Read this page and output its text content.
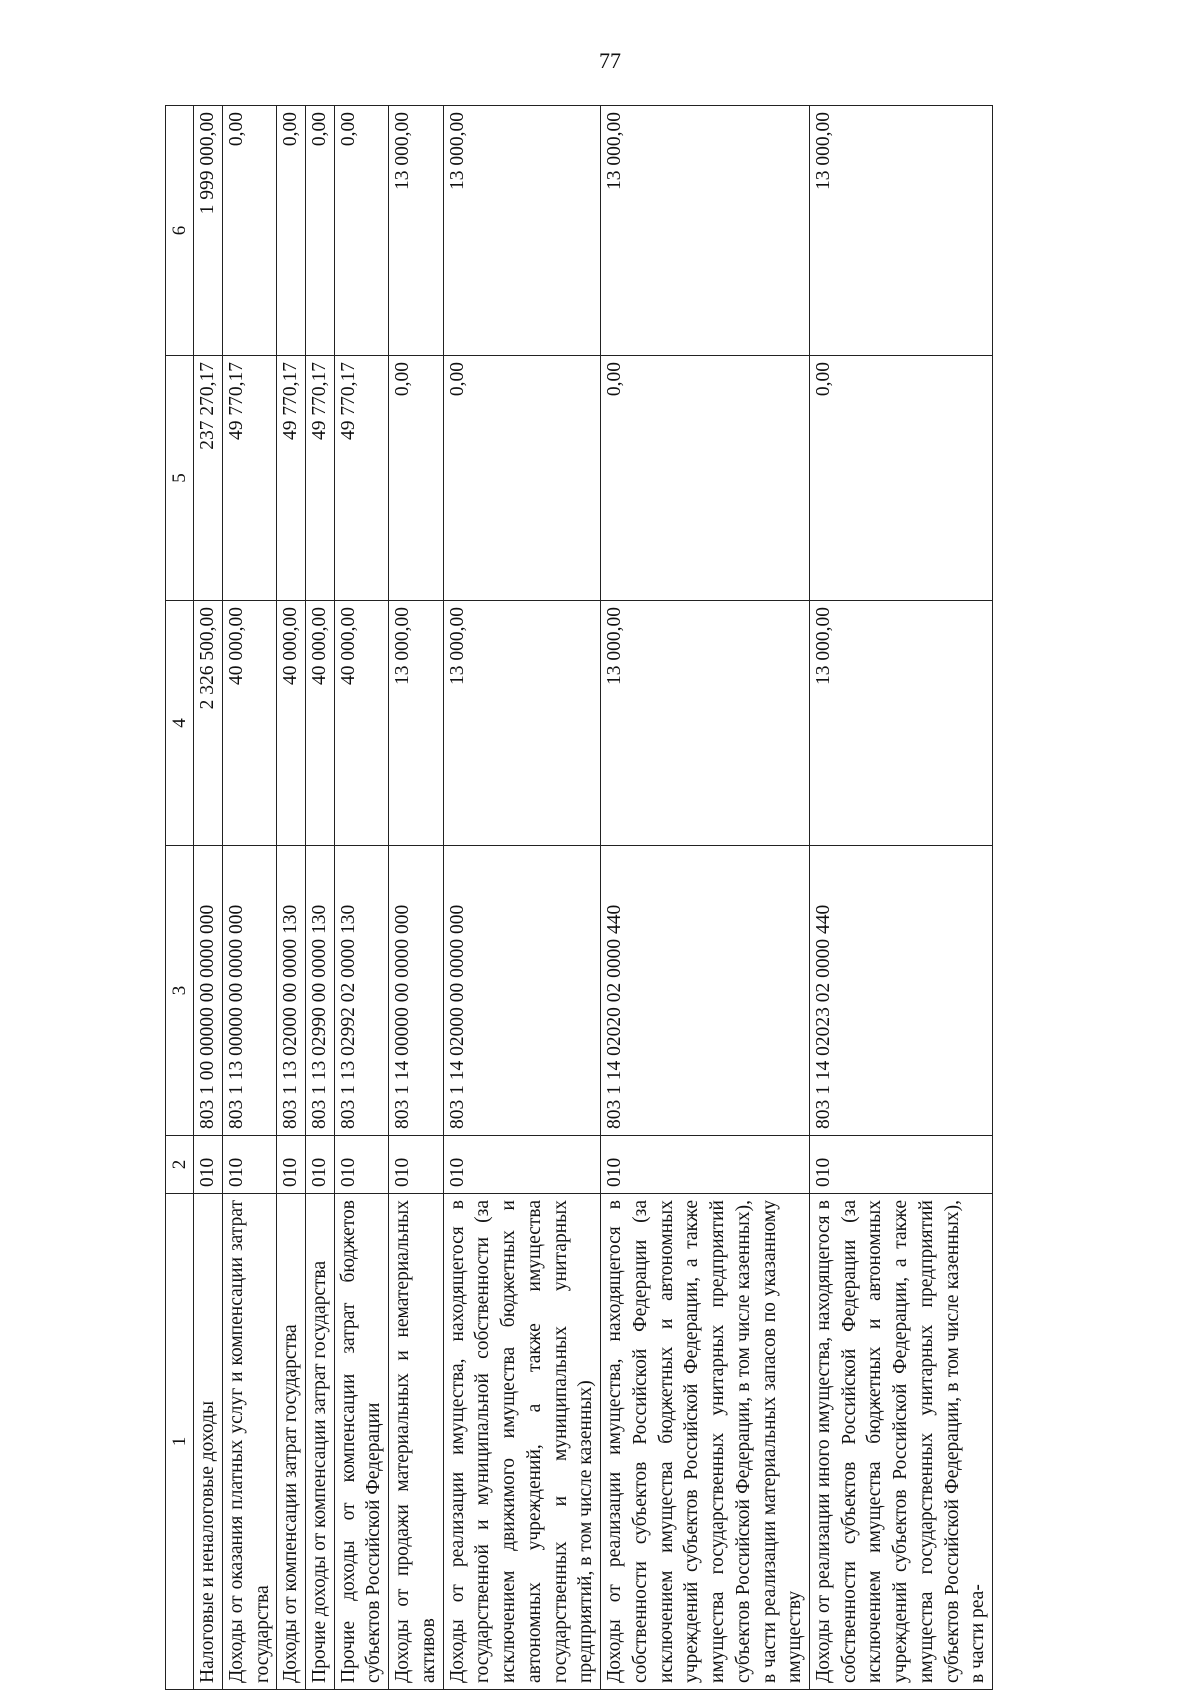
77
1	2	3	4	5	6
Налоговые и неналоговые доходы	010	803 1 00 00000 00 0000 000	2 326 500,00	237 270,17	1 999 000,00
Доходы от оказания платных услуг и компенсации затрат государства	010	803 1 13 00000 00 0000 000	40 000,00	49 770,17	0,00
Доходы от компенсации затрат государства	010	803 1 13 02000 00 0000 130	40 000,00	49 770,17	0,00
Прочие доходы от компенсации затрат государства	010	803 1 13 02990 00 0000 130	40 000,00	49 770,17	0,00
Прочие доходы от компенсации затрат бюджетов субъектов Российской Федерации	010	803 1 13 02992 02 0000 130	40 000,00	49 770,17	0,00
Доходы от продажи материальных и нематериальных активов	010	803 1 14 00000 00 0000 000	13 000,00	0,00	13 000,00
Доходы от реализации имущества, находящегося в государственной и муниципальной собственности (за исключением движимого имущества бюджетных и автономных учреждений, а также имущества государственных и муниципальных унитарных предприятий, в том числе казенных)	010	803 1 14 02000 00 0000 000	13 000,00	0,00	13 000,00
Доходы от реализации имущества, находящегося в собственности субъектов Российской Федерации (за исключением имущества бюджетных и автономных учреждений субъектов Российской Федерации, а также имущества государственных унитарных предприятий субъектов Российской Федерации, в том числе казенных), в части реализации материальных запасов по указанному имуществу	010	803 1 14 02020 02 0000 440	13 000,00	0,00	13 000,00
Доходы от реализации иного имущества, находящегося в собственности субъектов Российской Федерации (за исключением имущества бюджетных и автономных учреждений субъектов Российской Федерации, а также имущества государственных унитарных предприятий субъектов Российской Федерации, в том числе казенных), в части реа-	010	803 1 14 02023 02 0000 440	13 000,00	0,00	13 000,00
